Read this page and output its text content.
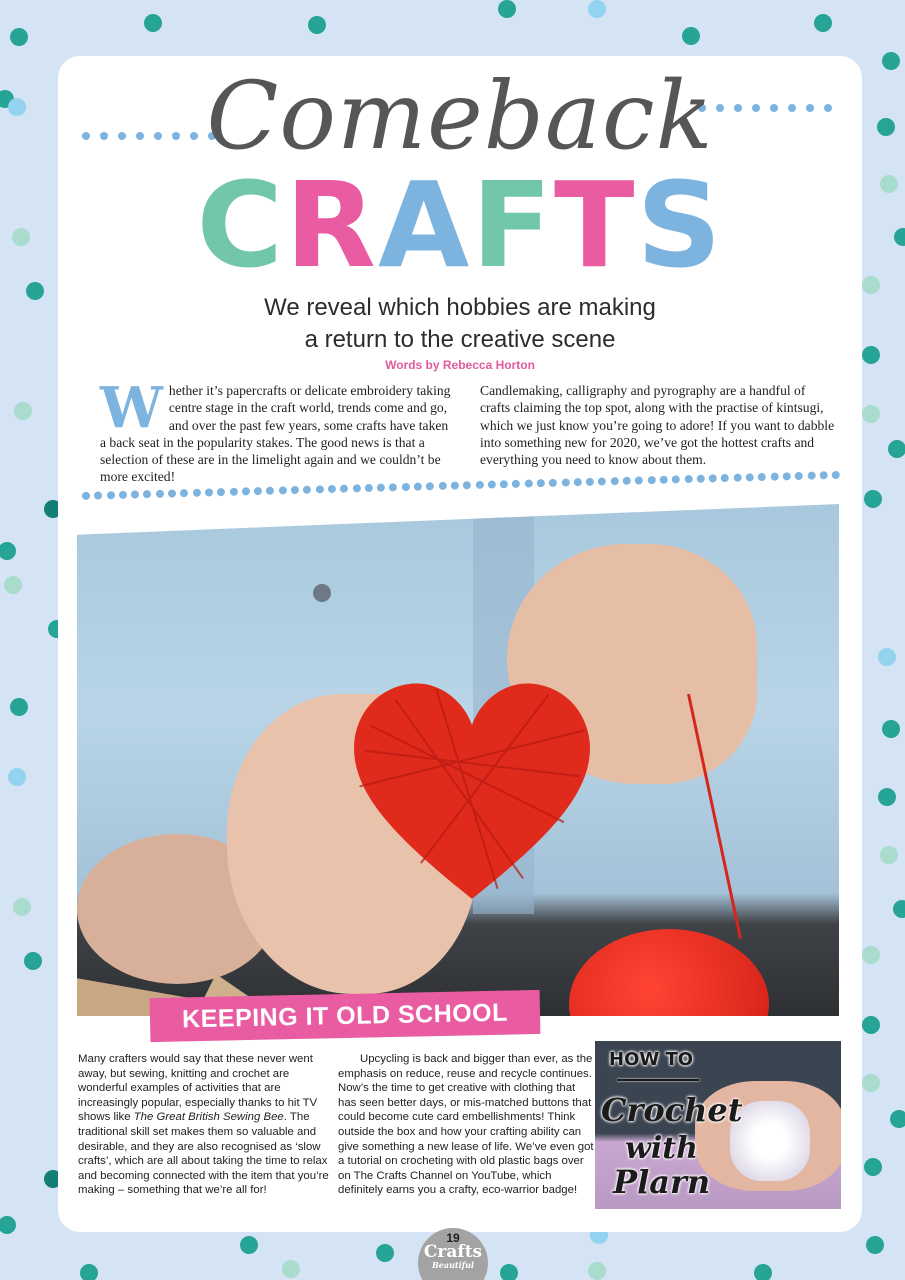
Comeback
CRAFTS
We reveal which hobbies are making
a return to the creative scene
Words by Rebecca Horton
W hether it’s papercrafts or delicate embroidery taking centre stage in the craft world, trends come and go, and over the past few years, some crafts have taken a back seat in the popularity stakes. The good news is that a selection of these are in the limelight again and we couldn’t be more excited!
Candlemaking, calligraphy and pyrography are a handful of crafts claiming the top spot, along with the practise of kintsugi, which we just know you’re going to adore! If you want to dabble into something new for 2020, we’ve got the hottest crafts and everything you need to know about them.
KEEPING IT OLD SCHOOL
Many crafters would say that these never went away, but sewing, knitting and crochet are wonderful examples of activities that are increasingly popular, especially thanks to hit TV shows like The Great British Sewing Bee. The traditional skill set makes them so valuable and desirable, and they are also recognised as ‘slow crafts’, which are all about taking the time to relax and becoming connected with the item that you’re making – something that we’re all for!
Upcycling is back and bigger than ever, as the emphasis on reduce, reuse and recycle continues. Now’s the time to get creative with clothing that has seen better days, or mis-matched buttons that could become cute card embellishments! Think outside the box and how your crafting ability can give something a new lease of life. We’ve even got a tutorial on crocheting with old plastic bags over on The Crafts Channel on YouTube, which definitely earns you a crafty, eco-warrior badge!
HOW TO
Crochet
with
Plarn
19
Crafts
Beautiful
